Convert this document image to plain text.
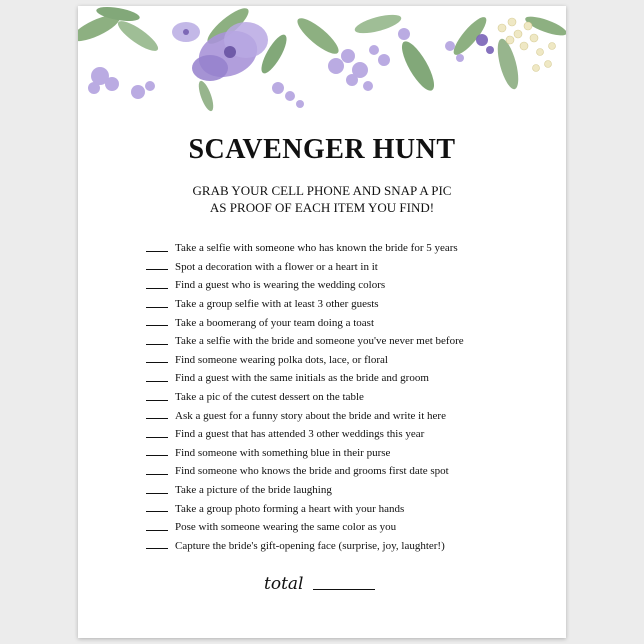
SCAVENGER HUNT
GRAB YOUR CELL PHONE AND SNAP A PIC
AS PROOF OF EACH ITEM YOU FIND!
Take a selfie with someone who has known the bride for 5 years
Spot a decoration with a flower or a heart in it
Find a guest who is wearing the wedding colors
Take a group selfie with at least 3 other guests
Take a boomerang of your team doing a toast
Take a selfie with the bride and someone you've never met before
Find someone wearing polka dots, lace, or floral
Find a guest with the same initials as the bride and groom
Take a pic of the cutest dessert on the table
Ask a guest for a funny story about the bride and write it here
Find a guest that has attended 3 other weddings this year
Find someone with something blue in their purse
Find someone who knows the bride and grooms first date spot
Take a picture of the bride laughing
Take a group photo forming a heart with your hands
Pose with someone wearing the same color as you
Capture the bride's gift-opening face (surprise, joy, laughter!)
total
